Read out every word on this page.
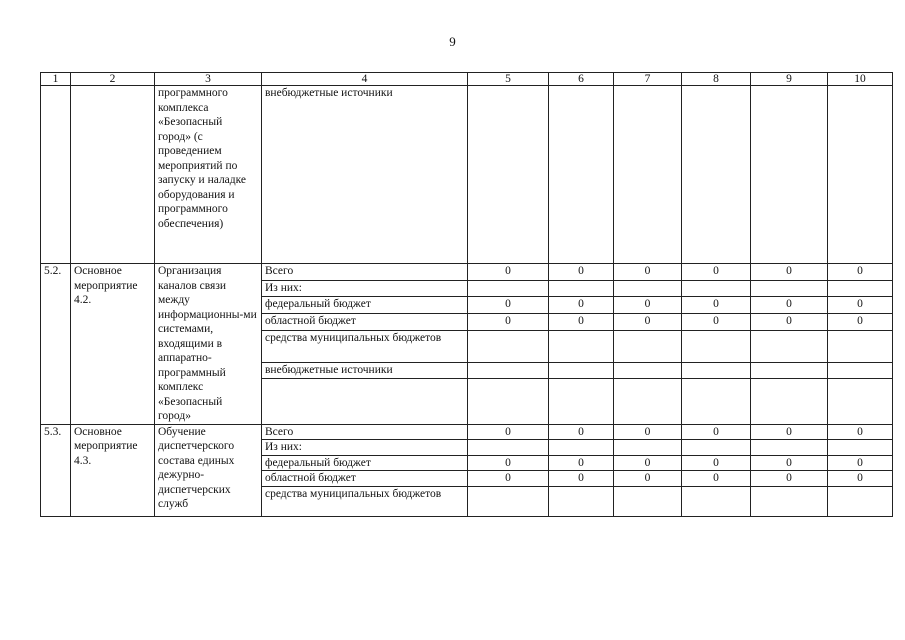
9
1	2	3	4	5	6	7	8	9	10
		программного комплекса «Безопасный город» (с проведением мероприятий по запуску и наладке оборудования и программного обеспечения)	внебюджетные источники						
5.2.	Основное мероприятие 4.2.	Организация каналов связи между информационны-ми системами, входящими в аппаратно-программный комплекс «Безопасный город»	Всего	0	0	0	0	0	0
			Из них:						
			федеральный бюджет	0	0	0	0	0	0
			областной бюджет	0	0	0	0	0	0
			средства муниципальных бюджетов						
			внебюджетные источники						

5.3.	Основное мероприятие 4.3.	Обучение диспетчерского состава единых дежурно-диспетчерских служб	Всего	0	0	0	0	0	0
			Из них:						
			федеральный бюджет	0	0	0	0	0	0
			областной бюджет	0	0	0	0	0	0
			средства муниципальных бюджетов						
